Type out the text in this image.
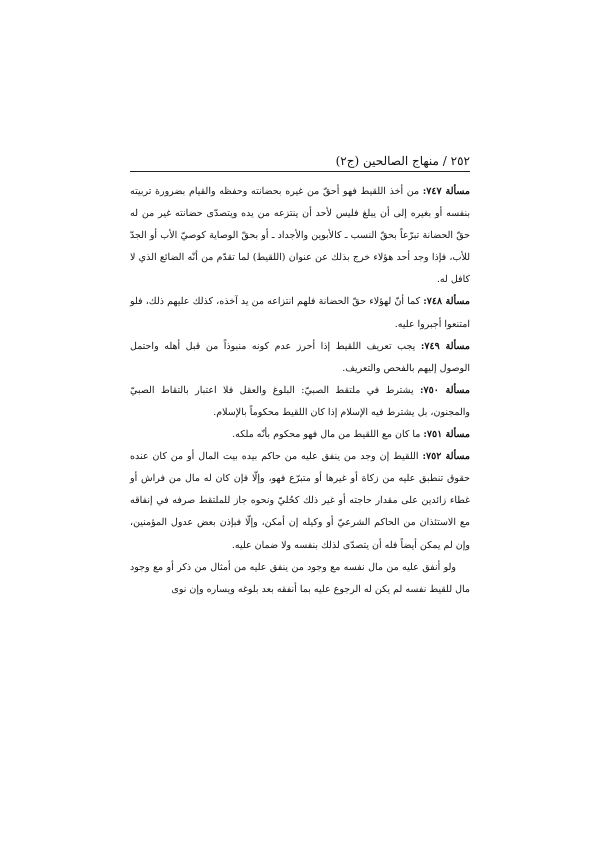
٢٥٢ / منهاج الصالحين (ج٢)

مسألة ٧٤٧: من أخذ اللقيط فهو أحقّ من غيره بحضانته وحفظه والقيام بضرورة تربيته بنفسه أو بغيره إلى أن يبلغ فليس لأحد أن ينتزعه من يده ويتصدّى حضانته غير من له حقّ الحضانة تبرّعاً بحقّ النسب ـ كالأبوين والأجداد ـ أو بحقّ الوصاية كوصيّ الأب أو الجدّ للأب، فإذا وجد أحد هؤلاء خرج بذلك عن عنوان (اللقيط) لما تقدّم من أنّه الضائع الذي لا كافل له.

مسألة ٧٤٨: كما أنّ لهؤلاء حقّ الحضانة فلهم انتزاعه من يد آخذه، كذلك عليهم ذلك، فلو امتنعوا أجبروا عليه.

مسألة ٧٤٩: يجب تعريف اللقيط إذا أحرز عدم كونه منبوذاً من قبل أهله واحتمل الوصول إليهم بالفحص والتعريف.

مسألة ٧٥٠: يشترط في ملتقط الصبيّ: البلوغ والعقل فلا اعتبار بالتقاط الصبيّ والمجنون، بل يشترط فيه الإسلام إذا كان اللقيط محكوماً بالإسلام.

مسألة ٧٥١: ما كان مع اللقيط من مال فهو محكوم بأنّه ملكه.

مسألة ٧٥٢: اللقيط إن وجد من ينفق عليه من حاكم بيده بيت المال أو من كان عنده حقوق تنطبق عليه من زكاة أو غيرها أو متبرّع فهو، وإلّا فإن كان له مال من فراش أو غطاء زائدين على مقدار حاجته أو غير ذلك كحُليّ ونحوه جاز للملتقط صرفه في إنفاقه مع الاستئذان من الحاكم الشرعيّ أو وكيله إن أمكن، وإلّا فبإذن بعض عدول المؤمنين، وإن لم يمكن أيضاً فله أن يتصدّى لذلك بنفسه ولا ضمان عليه.

ولو أنفق عليه من مال نفسه مع وجود من ينفق عليه من أمثال من ذكر أو مع وجود مال للقيط نفسه لم يكن له الرجوع عليه بما أنفقه بعد بلوغه ويساره وإن نوى
